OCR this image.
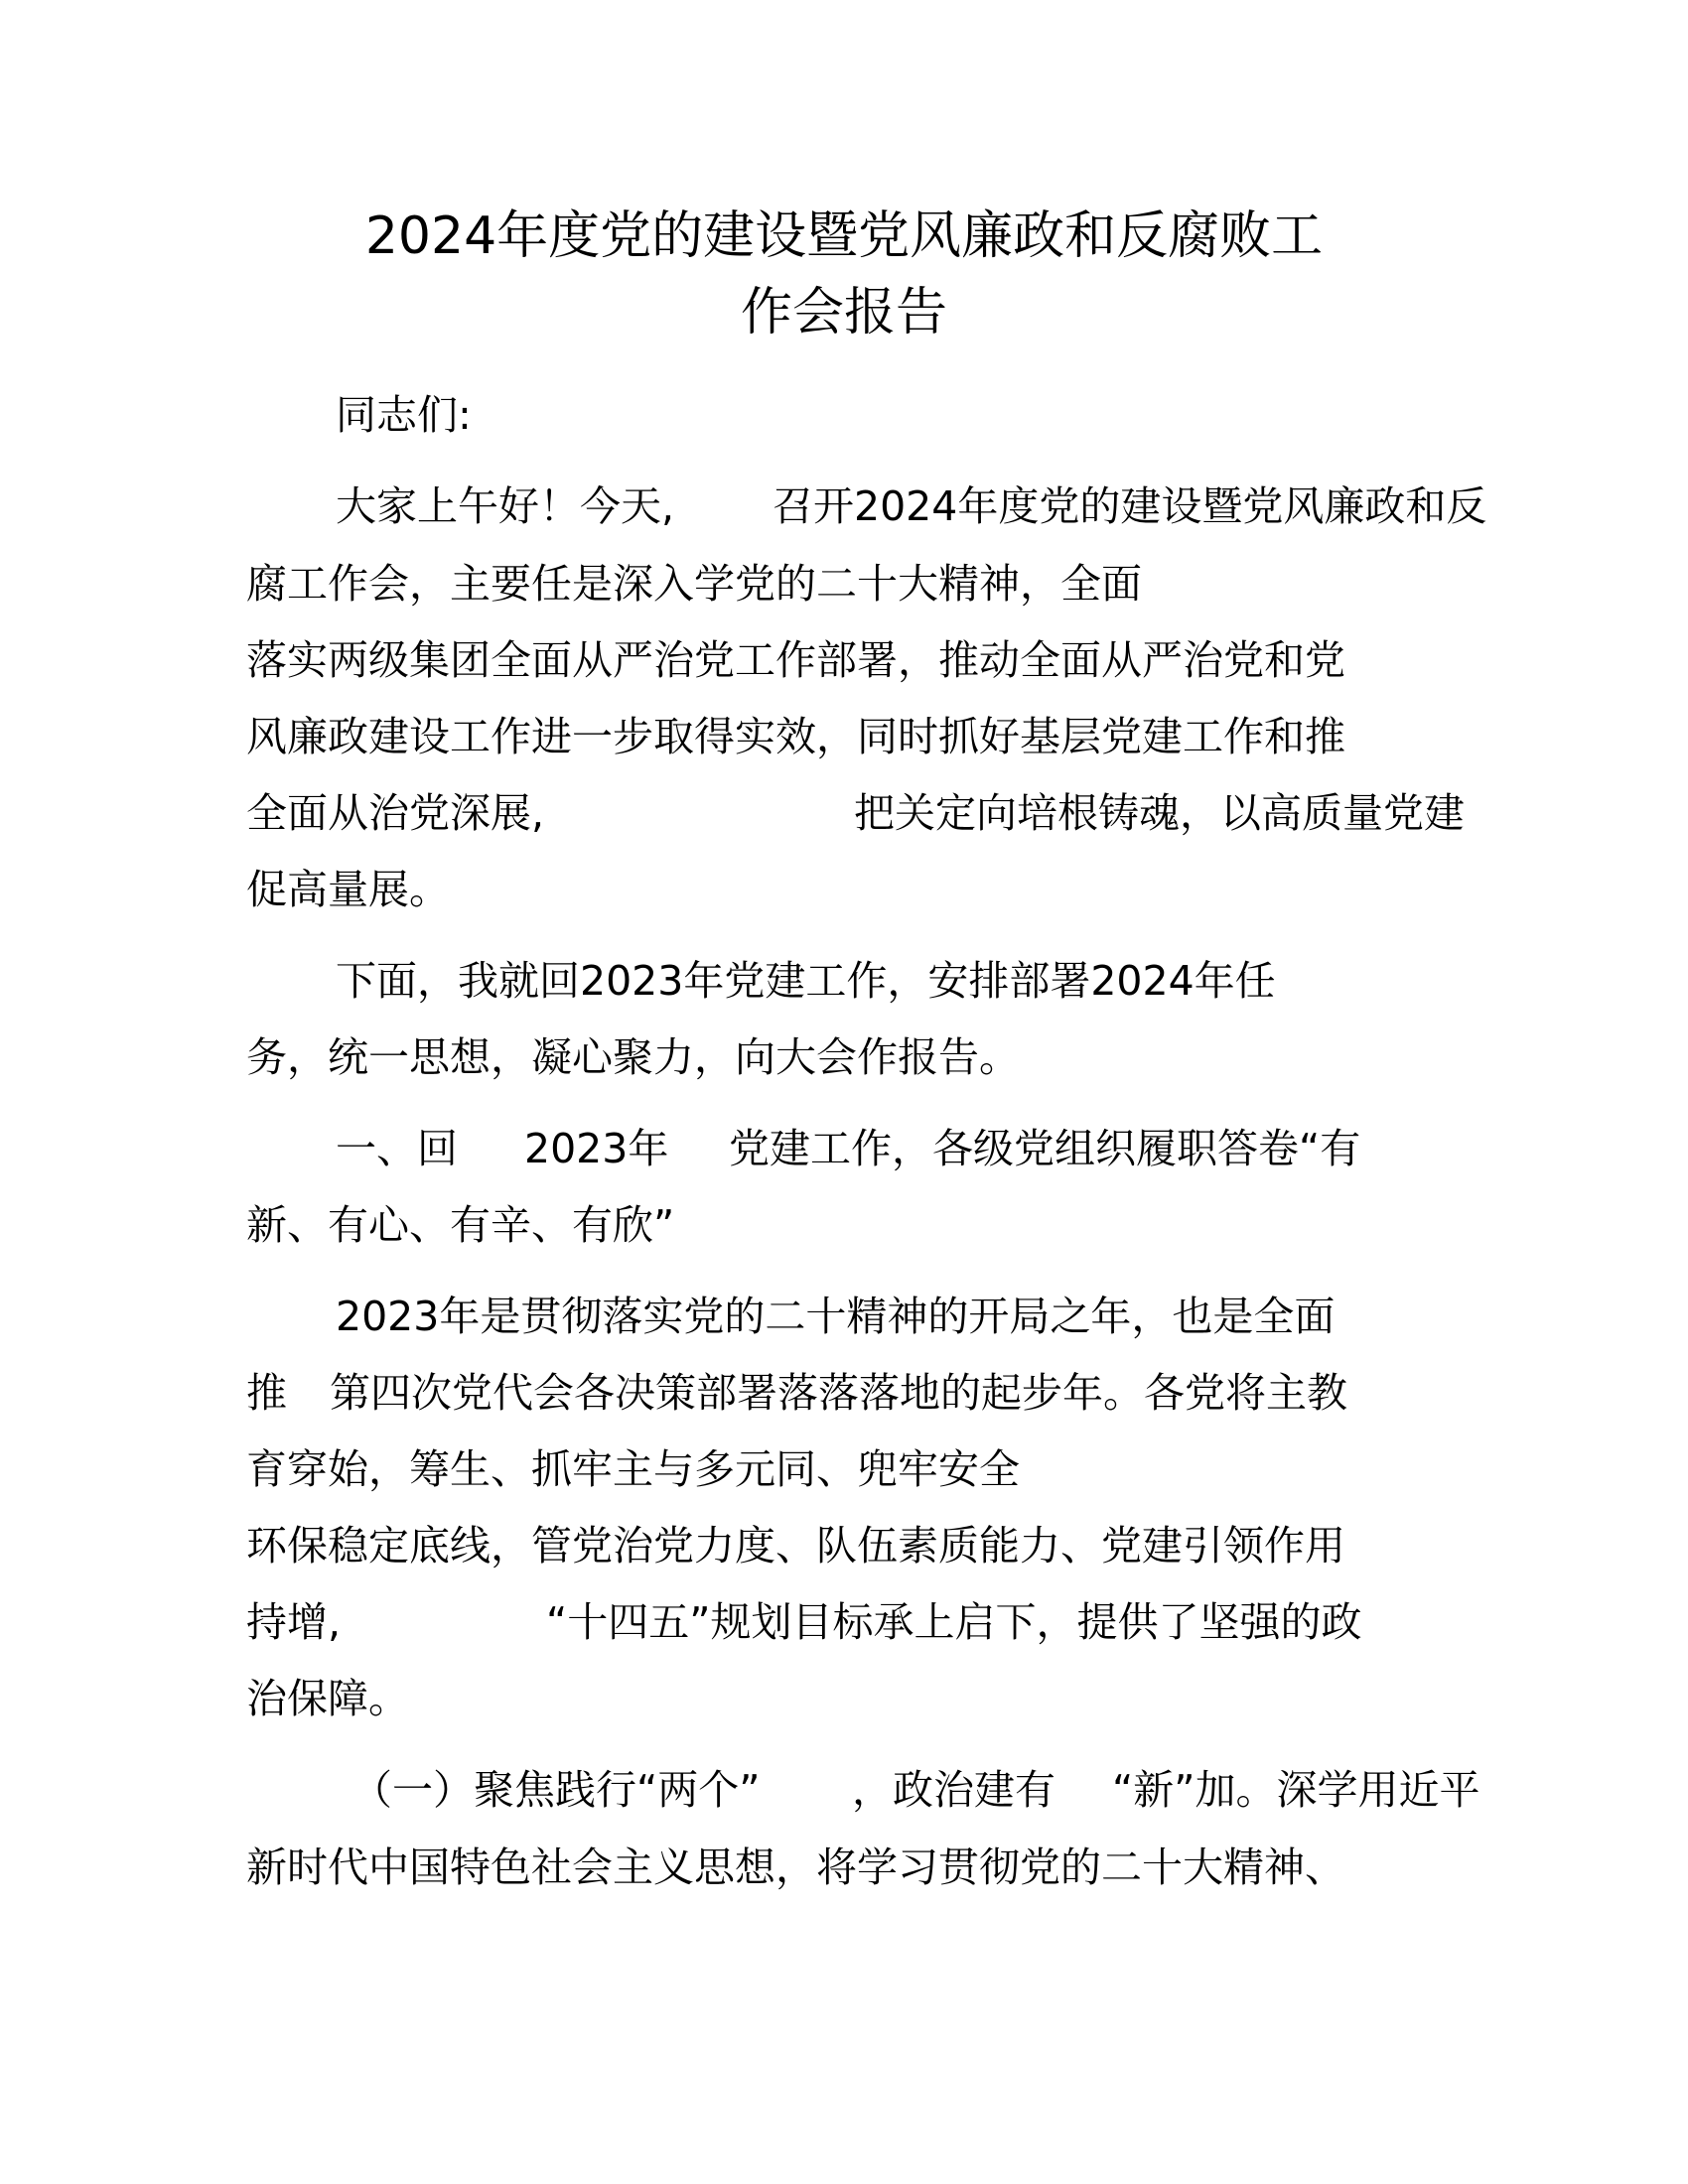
2024年度党的建设暨党风廉政和反腐败工
作会报告
同志们:
大家上午好！今天, 召开2024年度党的建设暨党风廉政和反
腐工作会，主要任是深入学党的二十大精神，全面
落实两级集团全面从严治党工作部署，推动全面从严治党和党
风廉政建设工作进一步取得实效，同时抓好基层党建工作和推
全面从治党深展,	把关定向培根铸魂，以高质量党建
促高量展。
下面，我就回2023年党建工作，安排部署2024年任
务，统一思想，凝心聚力，向大会作报告。
一、回 2023年 党建工作，各级党组织履职答卷“有
新、有心、有辛、有欣”
2023年是贯彻落实党的二十精神的开局之年，也是全面
推 第四次党代会各决策部署落落落地的起步年。各党将主教
育穿始，筹生、抓牢主与多元同、兜牢安全
环保稳定底线，管党治党力度、队伍素质能力、党建引领作用
持增,	“十四五”规划目标承上启下，提供了坚强的政
治保障。
（一）聚焦践行“两个” ，政治建有 “新”加。深学用近平
新时代中国特色社会主义思想，将学习贯彻党的二十大精神、
